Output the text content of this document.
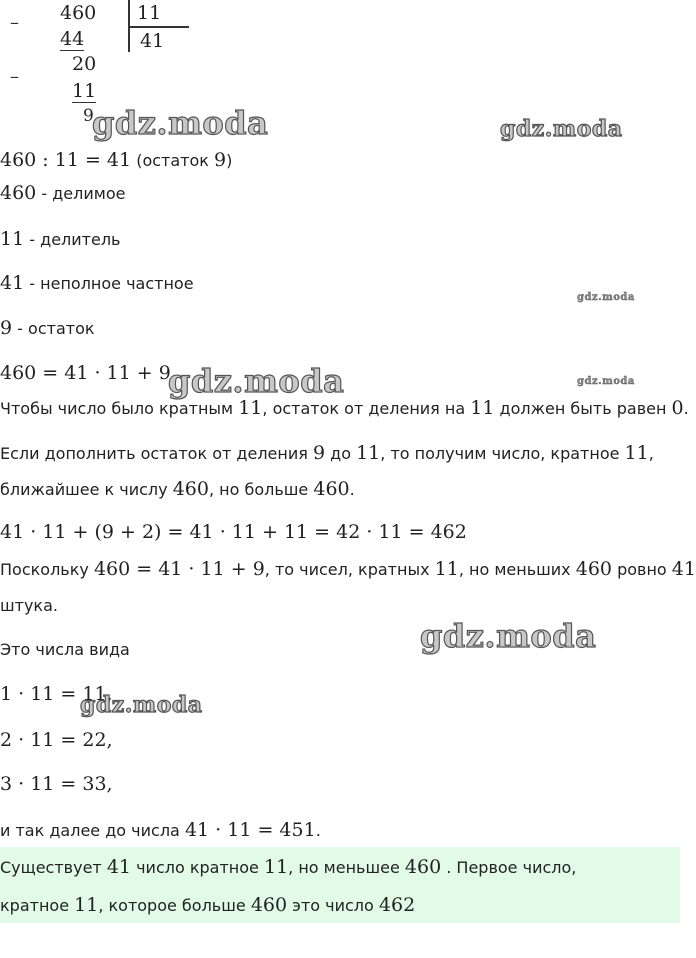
– 460 11
44	41
–
20
11
9
gdz.moda	gdz.moda
gdz.moda
gdz.moda	gdz.moda
gdz.moda
460 : 11 = 41 (остаток 9)
460 - делимое
11 - делитель
41 - неполное частное
9 - остаток
460 = 41 · 11 + 9
Чтобы число было кратным 11, остаток от деления на 11 должен быть равен 0.
Если дополнить остаток от деления 9 до 11, то получим число, кратное 11,
ближайшее к числу 460, но больше 460.
41 · 11 + (9 + 2) = 41 · 11 + 11 = 42 · 11 = 462
Поскольку 460 = 41 · 11 + 9, то чисел, кратных 11, но меньших 460 ровно 41
штука.
Это числа вида
1 · 11 = 11,
gdz.moda
2 · 11 = 22,
3 · 11 = 33,
и так далее до числа 41 · 11 = 451.
Существует 41 число кратное 11, но меньшее 460 . Первое число,
кратное 11, которое больше 460 это число 462
